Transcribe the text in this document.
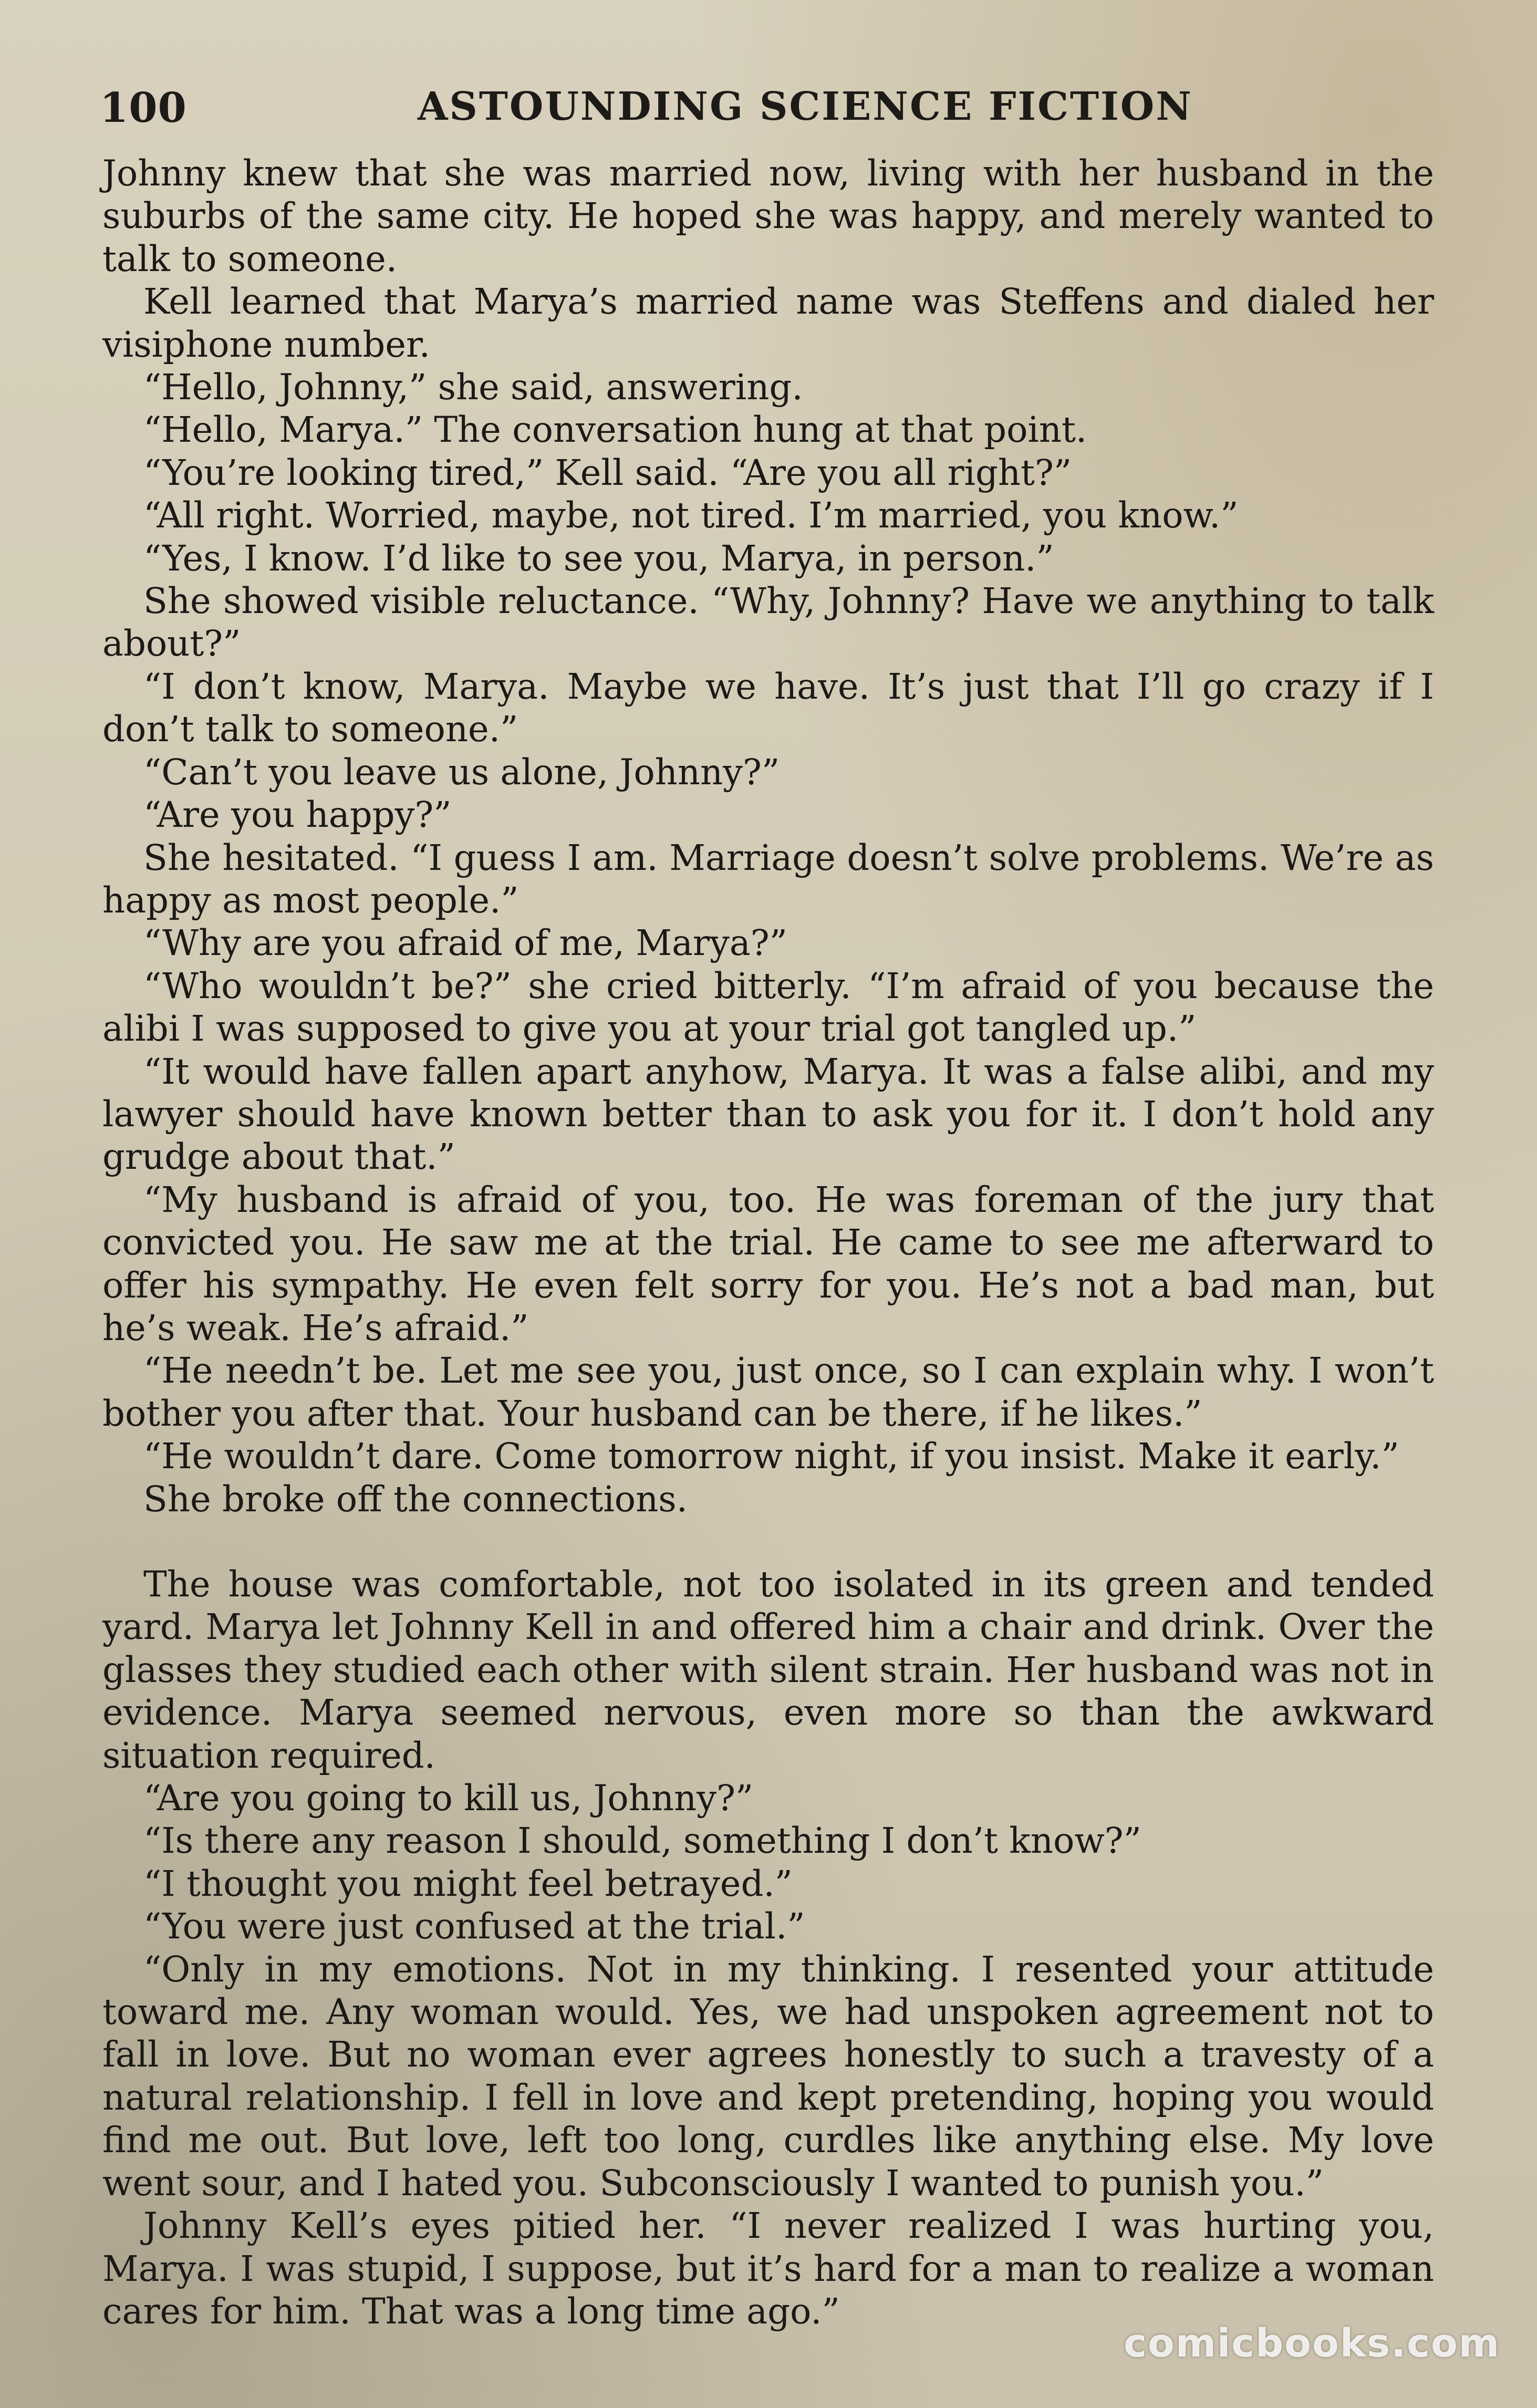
100	ASTOUNDING SCIENCE FICTION

Johnny knew that she was married now, living with her husband in the suburbs of the same city. He hoped she was happy, and merely wanted to talk to someone.

Kell learned that Marya’s married name was Steffens and dialed her visiphone number.

“Hello, Johnny,” she said, answering.

“Hello, Marya.” The conversation hung at that point.

“You’re looking tired,” Kell said. “Are you all right?”

“All right. Worried, maybe, not tired. I’m married, you know.”

“Yes, I know. I’d like to see you, Marya, in person.”

She showed visible reluctance. “Why, Johnny? Have we anything to talk about?”

“I don’t know, Marya. Maybe we have. It’s just that I’ll go crazy if I don’t talk to someone.”

“Can’t you leave us alone, Johnny?”

“Are you happy?”

She hesitated. “I guess I am. Marriage doesn’t solve problems. We’re as happy as most people.”

“Why are you afraid of me, Marya?”

“Who wouldn’t be?” she cried bitterly. “I’m afraid of you because the alibi I was supposed to give you at your trial got tangled up.”

“It would have fallen apart anyhow, Marya. It was a false alibi, and my lawyer should have known better than to ask you for it. I don’t hold any grudge about that.”

“My husband is afraid of you, too. He was foreman of the jury that convicted you. He saw me at the trial. He came to see me afterward to offer his sympathy. He even felt sorry for you. He’s not a bad man, but he’s weak. He’s afraid.”

“He needn’t be. Let me see you, just once, so I can explain why. I won’t bother you after that. Your husband can be there, if he likes.”

“He wouldn’t dare. Come tomorrow night, if you insist. Make it early.”

She broke off the connections.

The house was comfortable, not too isolated in its green and tended yard. Marya let Johnny Kell in and offered him a chair and drink. Over the glasses they studied each other with silent strain. Her husband was not in evidence. Marya seemed nervous, even more so than the awkward situation required.

“Are you going to kill us, Johnny?”

“Is there any reason I should, something I don’t know?”

“I thought you might feel betrayed.”

“You were just confused at the trial.”

“Only in my emotions. Not in my thinking. I resented your attitude toward me. Any woman would. Yes, we had unspoken agreement not to fall in love. But no woman ever agrees honestly to such a travesty of a natural relationship. I fell in love and kept pretending, hoping you would find me out. But love, left too long, curdles like anything else. My love went sour, and I hated you. Subconsciously I wanted to punish you.”

Johnny Kell’s eyes pitied her. “I never realized I was hurting you, Marya. I was stupid, I suppose, but it’s hard for a man to realize a woman cares for him. That was a long time ago.”

comicbooks.com
